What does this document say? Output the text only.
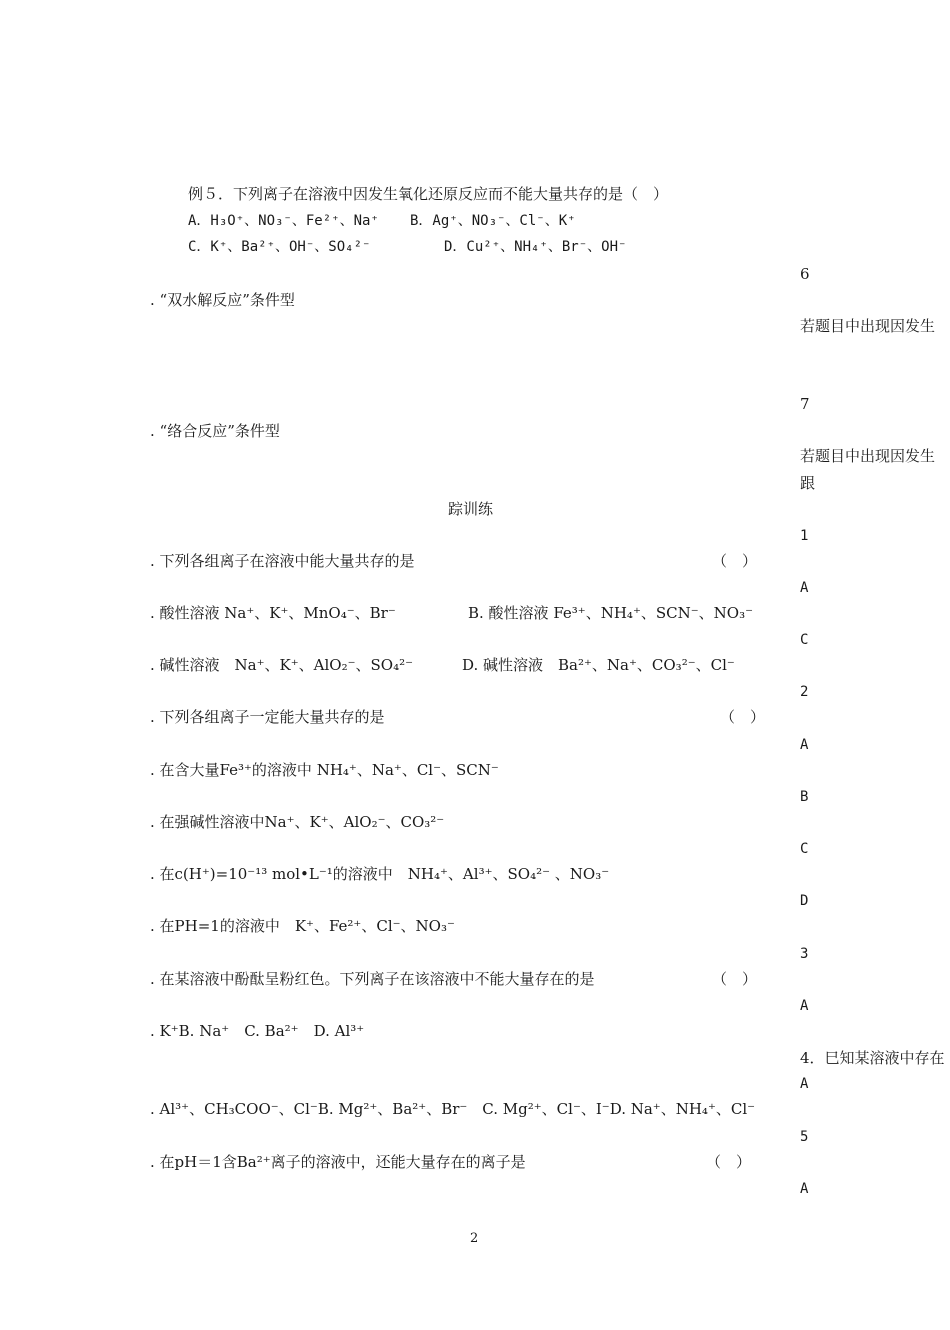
例５．下列离子在溶液中因发生氧化还原反应而不能大量共存的是（　）
A．H₃O⁺、NO₃⁻、Fe²⁺、Na⁺ B．Ag⁺、NO₃⁻、Cl⁻、K⁺
C．K⁺、Ba²⁺、OH⁻、SO₄²⁻	D．Cu²⁺、NH₄⁺、Br⁻、OH⁻
. “双水解反应”条件型
6
若题目中出现因发生
. “络合反应”条件型
7
若题目中出现因发生
跟
踪训练
. 下列各组离子在溶液中能大量共存的是	（　）
. 酸性溶液 Na⁺、K⁺、MnO₄⁻、Br⁻	B. 酸性溶液 Fe³⁺、NH₄⁺、SCN⁻、NO₃⁻
. 碱性溶液　Na⁺、K⁺、AlO₂⁻、SO₄²⁻	D. 碱性溶液　Ba²⁺、Na⁺、CO₃²⁻、Cl⁻
. 下列各组离子一定能大量共存的是	（　）
. 在含大量Fe³⁺的溶液中 NH₄⁺、Na⁺、Cl⁻、SCN⁻
. 在强碱性溶液中Na⁺、K⁺、AlO₂⁻、CO₃²⁻
. 在c(H⁺)=10⁻¹³ mol•L⁻¹的溶液中　NH₄⁺、Al³⁺、SO₄²⁻ 、NO₃⁻
. 在PH=1的溶液中　K⁺、Fe²⁺、Cl⁻、NO₃⁻
. 在某溶液中酚酞呈粉红色。下列离子在该溶液中不能大量存在的是	（　）
. K⁺B. Na⁺　C. Ba²⁺　D. Al³⁺
. Al³⁺、CH₃COO⁻、Cl⁻B. Mg²⁺、Ba²⁺、Br⁻　C. Mg²⁺、Cl⁻、I⁻D. Na⁺、NH₄⁺、Cl⁻
. 在pH＝1含Ba²⁺离子的溶液中，还能大量存在的离子是	（　）
1
A
C
2
A
B
C
D
3
A
4．巳知某溶液中存在
A
5
A
2
